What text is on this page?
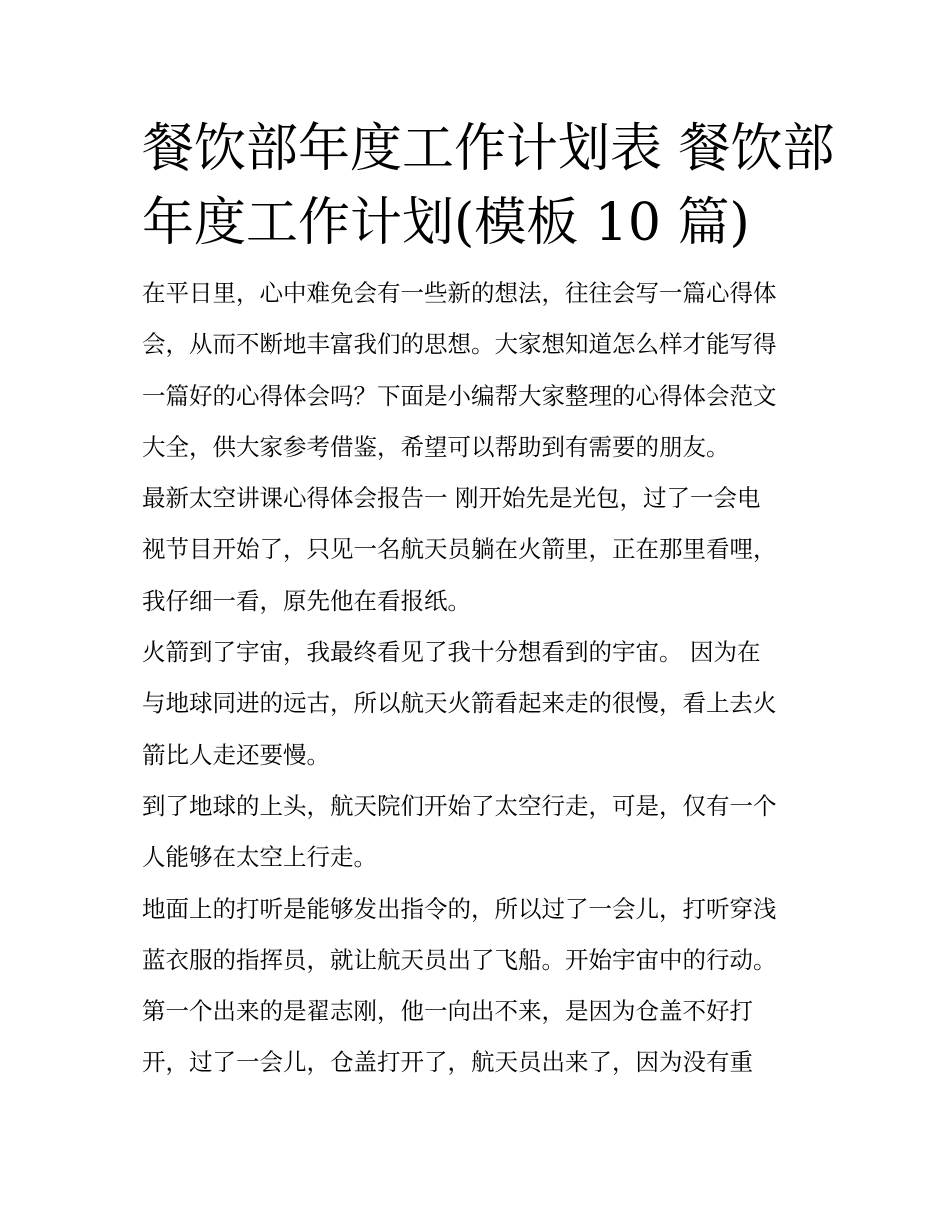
餐饮部年度工作计划表 餐饮部
年度工作计划(模板 10 篇)

在平日里，心中难免会有一些新的想法，往往会写一篇心得体
会，从而不断地丰富我们的思想。大家想知道怎么样才能写得
一篇好的心得体会吗？下面是小编帮大家整理的心得体会范文
大全，供大家参考借鉴，希望可以帮助到有需要的朋友。

最新太空讲课心得体会报告一 刚开始先是光包，过了一会电
视节目开始了，只见一名航天员躺在火箭里，正在那里看哩，
我仔细一看，原先他在看报纸。

火箭到了宇宙，我最终看见了我十分想看到的宇宙。 因为在
与地球同进的远古，所以航天火箭看起来走的很慢，看上去火
箭比人走还要慢。

到了地球的上头，航天院们开始了太空行走，可是，仅有一个
人能够在太空上行走。

地面上的打听是能够发出指令的，所以过了一会儿，打听穿浅
蓝衣服的指挥员，就让航天员出了飞船。开始宇宙中的行动。
第一个出来的是翟志刚，他一向出不来，是因为仓盖不好打
开，过了一会儿，仓盖打开了，航天员出来了，因为没有重
